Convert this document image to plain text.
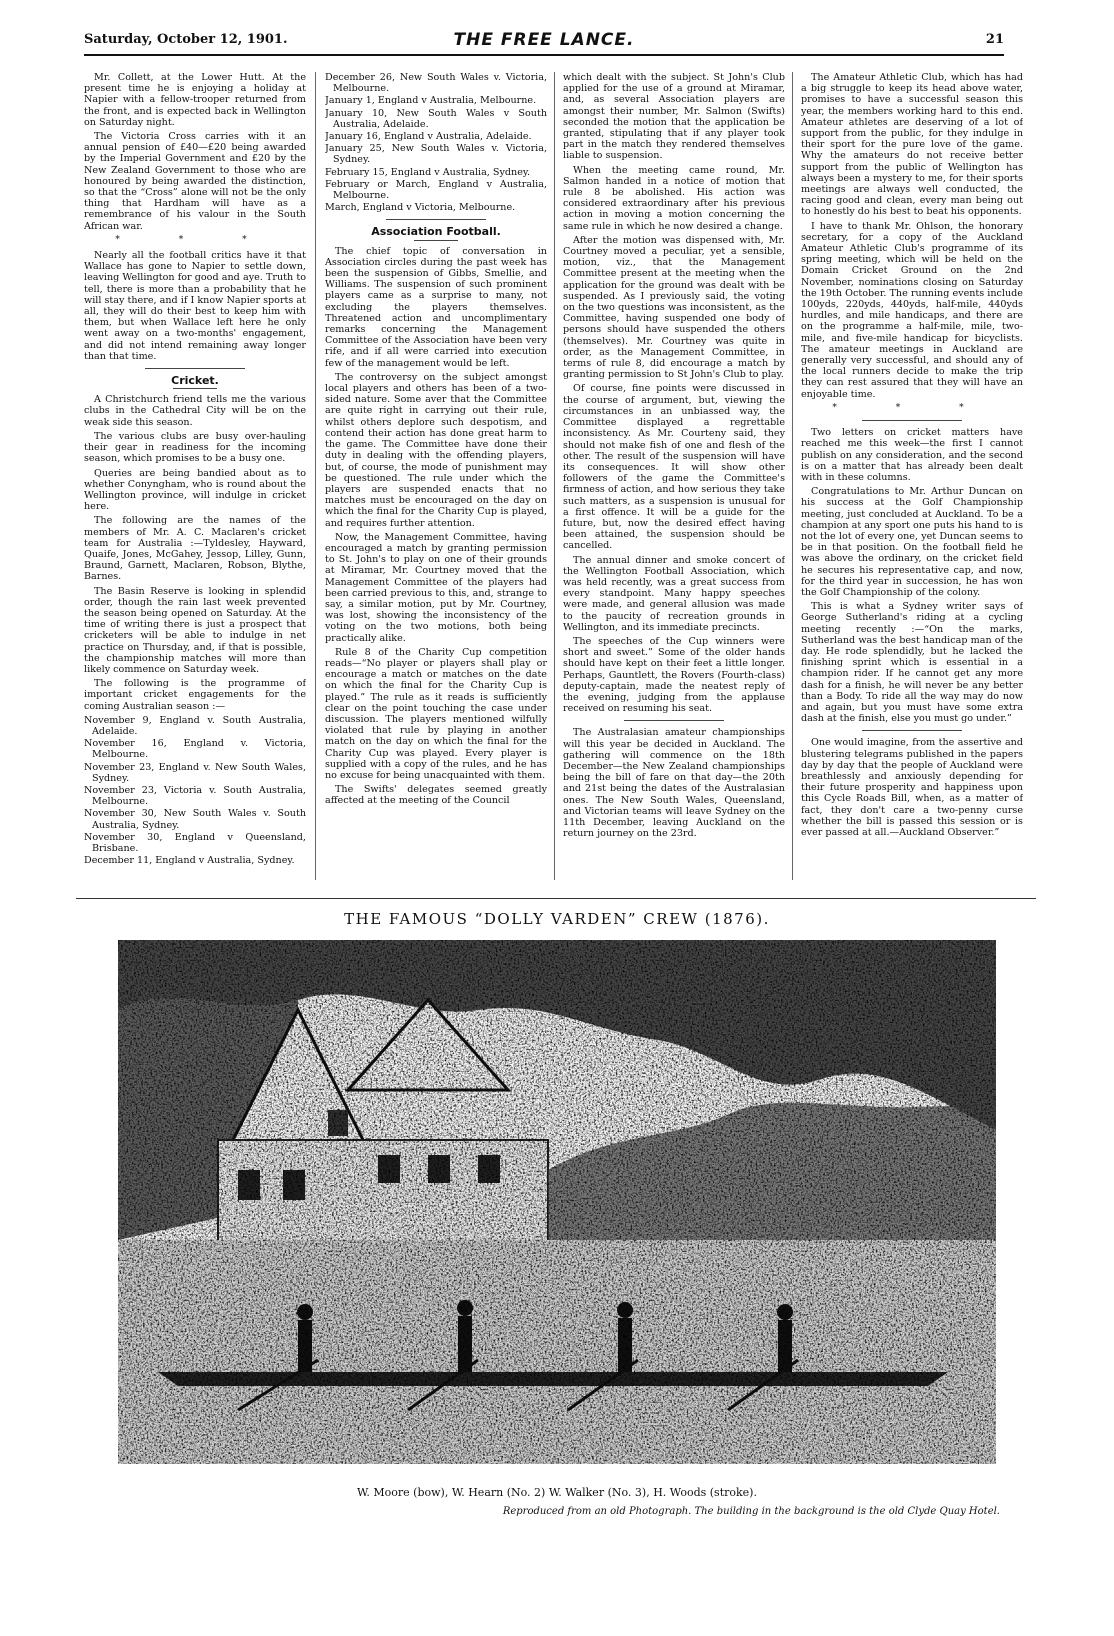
Saturday, October 12, 1901.	THE FREE LANCE.	21

Mr. Collett, at the Lower Hutt. At the present time he is enjoying a holiday at Napier with a fellow-trooper returned from the front, and is expected back in Wellington on Saturday night.

The Victoria Cross carries with it an annual pension of £40—£20 being awarded by the Imperial Government and £20 by the New Zealand Government to those who are honoured by being awarded the distinction, so that the “Cross” alone will not be the only thing that Hardham will have as a remembrance of his valour in the South African war.

* * *

Nearly all the football critics have it that Wallace has gone to Napier to settle down, leaving Wellington for good and aye. Truth to tell, there is more than a probability that he will stay there, and if I know Napier sports at all, they will do their best to keep him with them, but when Wallace left here he only went away on a two-months' engagement, and did not intend remaining away longer than that time.

Cricket.

A Christchurch friend tells me the various clubs in the Cathedral City will be on the weak side this season.

The various clubs are busy over-hauling their gear in readiness for the incoming season, which promises to be a busy one.

Queries are being bandied about as to whether Conyngham, who is round about the Wellington province, will indulge in cricket here.

The following are the names of the members of Mr. A. C. Maclaren's cricket team for Australia :—Tyldesley, Hayward, Quaife, Jones, McGahey, Jessop, Lilley, Gunn, Braund, Garnett, Maclaren, Robson, Blythe, Barnes.

The Basin Reserve is looking in splendid order, though the rain last week prevented the season being opened on Saturday. At the time of writing there is just a prospect that cricketers will be able to indulge in net practice on Thursday, and, if that is possible, the championship matches will more than likely commence on Saturday week.

The following is the programme of important cricket engagements for the coming Australian season :—

November 9, England v. South Australia, Adelaide.

November 16, England v. Victoria, Melbourne.

November 23, England v. New South Wales, Sydney.

November 23, Victoria v. South Australia, Melbourne.

November 30, New South Wales v. South Australia, Sydney.

November 30, England v Queensland, Brisbane.

December 11, England v Australia, Sydney.

December 26, New South Wales v. Victoria, Melbourne.

January 1, England v Australia, Melbourne.

January 10, New South Wales v South Australia, Adelaide.

January 16, England v Australia, Adelaide.

January 25, New South Wales v. Victoria, Sydney.

February 15, England v Australia, Sydney.

February or March, England v Australia, Melbourne.

March, England v Victoria, Melbourne.

Association Football.

The chief topic of conversation in Association circles during the past week has been the suspension of Gibbs, Smellie, and Williams. The suspension of such prominent players came as a surprise to many, not excluding the players themselves. Threatened action and uncomplimentary remarks concerning the Management Committee of the Association have been very rife, and if all were carried into execution few of the management would be left.

The controversy on the subject amongst local players and others has been of a two-sided nature. Some aver that the Committee are quite right in carrying out their rule, whilst others deplore such despotism, and contend their action has done great harm to the game. The Committee have done their duty in dealing with the offending players, but, of course, the mode of punishment may be questioned. The rule under which the players are suspended enacts that no matches must be encouraged on the day on which the final for the Charity Cup is played, and requires further attention.

Now, the Management Committee, having encouraged a match by granting permission to St. John's to play on one of their grounds at Miramar, Mr. Courtney moved that the Management Committee of the players had been carried previous to this, and, strange to say, a similar motion, put by Mr. Courtney, was lost, showing the inconsistency of the voting on the two motions, both being practically alike.

Rule 8 of the Charity Cup competition reads—“No player or players shall play or encourage a match or matches on the date on which the final for the Charity Cup is played.” The rule as it reads is sufficiently clear on the point touching the case under discussion. The players mentioned wilfully violated that rule by playing in another match on the day on which the final for the Charity Cup was played. Every player is supplied with a copy of the rules, and he has no excuse for being unacquainted with them.

The Swifts' delegates seemed greatly affected at the meeting of the Council

which dealt with the subject. St John's Club applied for the use of a ground at Miramar, and, as several Association players are amongst their number, Mr. Salmon (Swifts) seconded the motion that the application be granted, stipulating that if any player took part in the match they rendered themselves liable to suspension.

When the meeting came round, Mr. Salmon handed in a notice of motion that rule 8 be abolished. His action was considered extraordinary after his previous action in moving a motion concerning the same rule in which he now desired a change.

After the motion was dispensed with, Mr. Courtney moved a peculiar, yet a sensible, motion, viz., that the Management Committee present at the meeting when the application for the ground was dealt with be suspended. As I previously said, the voting on the two questions was inconsistent, as the Committee, having suspended one body of persons should have suspended the others (themselves). Mr. Courtney was quite in order, as the Management Committee, in terms of rule 8, did encourage a match by granting permission to St John's Club to play.

Of course, fine points were discussed in the course of argument, but, viewing the circumstances in an unbiassed way, the Committee displayed a regrettable inconsistency. As Mr. Courteny said, they should not make fish of one and flesh of the other. The result of the suspension will have its consequences. It will show other followers of the game the Committee's firmness of action, and how serious they take such matters, as a suspension is unusual for a first offence. It will be a guide for the future, but, now the desired effect having been attained, the suspension should be cancelled.

The annual dinner and smoke concert of the Wellington Football Association, which was held recently, was a great success from every standpoint. Many happy speeches were made, and general allusion was made to the paucity of recreation grounds in Wellington, and its immediate precincts.

The speeches of the Cup winners were short and sweet.” Some of the older hands should have kept on their feet a little longer. Perhaps, Gauntlett, the Rovers (Fourth-class) deputy-captain, made the neatest reply of the evening, judging from the applause received on resuming his seat.

The Australasian amateur championships will this year be decided in Auckland. The gathering will commence on the 18th December—the New Zealand championships being the bill of fare on that day—the 20th and 21st being the dates of the Australasian ones. The New South Wales, Queensland, and Victorian teams will leave Sydney on the 11th December, leaving Auckland on the return journey on the 23rd.

The Amateur Athletic Club, which has had a big struggle to keep its head above water, promises to have a successful season this year, the members working hard to this end. Amateur athletes are deserving of a lot of support from the public, for they indulge in their sport for the pure love of the game. Why the amateurs do not receive better support from the public of Wellington has always been a mystery to me, for their sports meetings are always well conducted, the racing good and clean, every man being out to honestly do his best to beat his opponents.

I have to thank Mr. Ohlson, the honorary secretary, for a copy of the Auckland Amateur Athletic Club's programme of its spring meeting, which will be held on the Domain Cricket Ground on the 2nd November, nominations closing on Saturday the 19th October. The running events include 100yds, 220yds, 440yds, half-mile, 440yds hurdles, and mile handicaps, and there are on the programme a half-mile, mile, two-mile, and five-mile handicap for bicyclists. The amateur meetings in Auckland are generally very successful, and should any of the local runners decide to make the trip they can rest assured that they will have an enjoyable time.

* * *

Two letters on cricket matters have reached me this week—the first I cannot publish on any consideration, and the second is on a matter that has already been dealt with in these columns.

Congratulations to Mr. Arthur Duncan on his success at the Golf Championship meeting, just concluded at Auckland. To be a champion at any sport one puts his hand to is not the lot of every one, yet Duncan seems to be in that position. On the football field he was above the ordinary, on the cricket field he secures his representative cap, and now, for the third year in succession, he has won the Golf Championship of the colony.

This is what a Sydney writer says of George Sutherland's riding at a cycling meeting recently :—“On the marks, Sutherland was the best handicap man of the day. He rode splendidly, but he lacked the finishing sprint which is essential in a champion rider. If he cannot get any more dash for a finish, he will never be any better than a Body. To ride all the way may do now and again, but you must have some extra dash at the finish, else you must go under.”

One would imagine, from the assertive and blustering telegrams published in the papers day by day that the people of Auckland were breathlessly and anxiously depending for their future prosperity and happiness upon this Cycle Roads Bill, when, as a matter of fact, they don't care a two-penny curse whether the bill is passed this session or is ever passed at all.—Auckland Observer.”

THE FAMOUS “DOLLY VARDEN” CREW (1876).
W. Moore (bow), W. Hearn (No. 2) W. Walker (No. 3), H. Woods (stroke).
Reproduced from an old Photograph. The building in the background is the old Clyde Quay Hotel.
